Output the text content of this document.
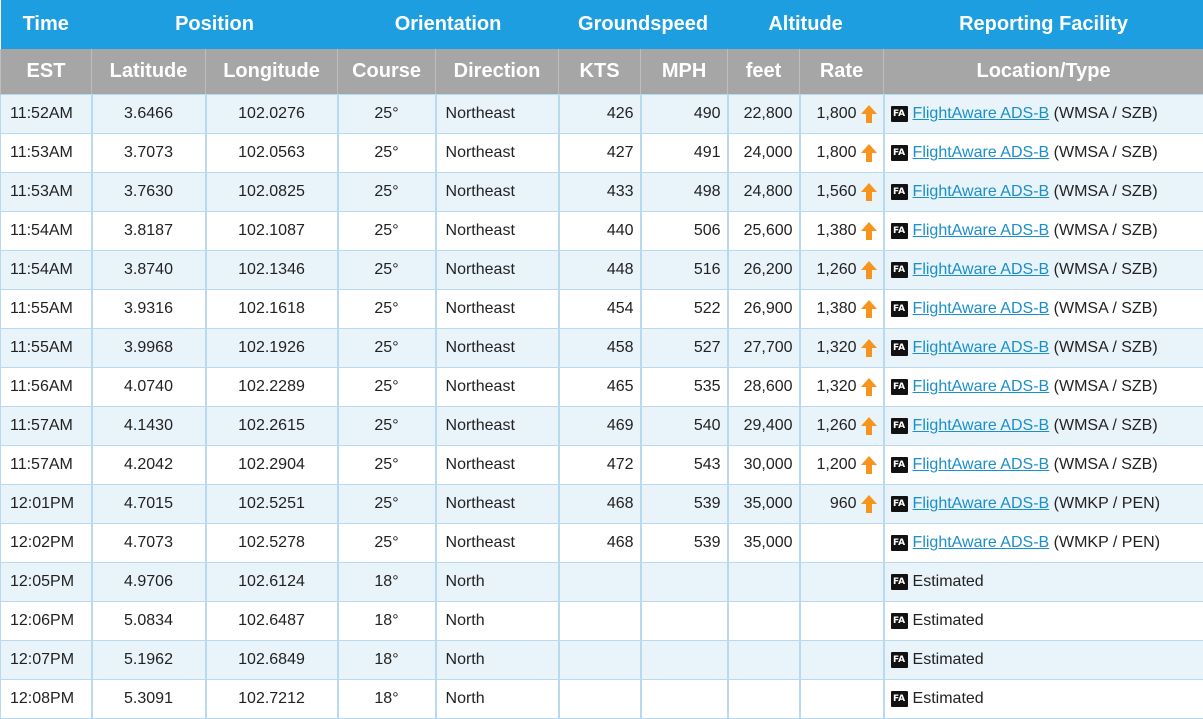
Time	Position		Orientation		Groundspeed		Altitude		Reporting Facility
EST	Latitude	Longitude	Course	Direction	KTS	MPH	feet	Rate	Location/Type
11:52AM	3.6466	102.0276	25°	Northeast	426	490	22,800	1,800	FA FlightAware ADS-B (WMSA / SZB)
11:53AM	3.7073	102.0563	25°	Northeast	427	491	24,000	1,800	FA FlightAware ADS-B (WMSA / SZB)
11:53AM	3.7630	102.0825	25°	Northeast	433	498	24,800	1,560	FA FlightAware ADS-B (WMSA / SZB)
11:54AM	3.8187	102.1087	25°	Northeast	440	506	25,600	1,380	FA FlightAware ADS-B (WMSA / SZB)
11:54AM	3.8740	102.1346	25°	Northeast	448	516	26,200	1,260	FA FlightAware ADS-B (WMSA / SZB)
11:55AM	3.9316	102.1618	25°	Northeast	454	522	26,900	1,380	FA FlightAware ADS-B (WMSA / SZB)
11:55AM	3.9968	102.1926	25°	Northeast	458	527	27,700	1,320	FA FlightAware ADS-B (WMSA / SZB)
11:56AM	4.0740	102.2289	25°	Northeast	465	535	28,600	1,320	FA FlightAware ADS-B (WMSA / SZB)
11:57AM	4.1430	102.2615	25°	Northeast	469	540	29,400	1,260	FA FlightAware ADS-B (WMSA / SZB)
11:57AM	4.2042	102.2904	25°	Northeast	472	543	30,000	1,200	FA FlightAware ADS-B (WMSA / SZB)
12:01PM	4.7015	102.5251	25°	Northeast	468	539	35,000	960	FA FlightAware ADS-B (WMKP / PEN)
12:02PM	4.7073	102.5278	25°	Northeast	468	539	35,000		FA FlightAware ADS-B (WMKP / PEN)
12:05PM	4.9706	102.6124	18°	North					FA Estimated
12:06PM	5.0834	102.6487	18°	North					FA Estimated
12:07PM	5.1962	102.6849	18°	North					FA Estimated
12:08PM	5.3091	102.7212	18°	North					FA Estimated
